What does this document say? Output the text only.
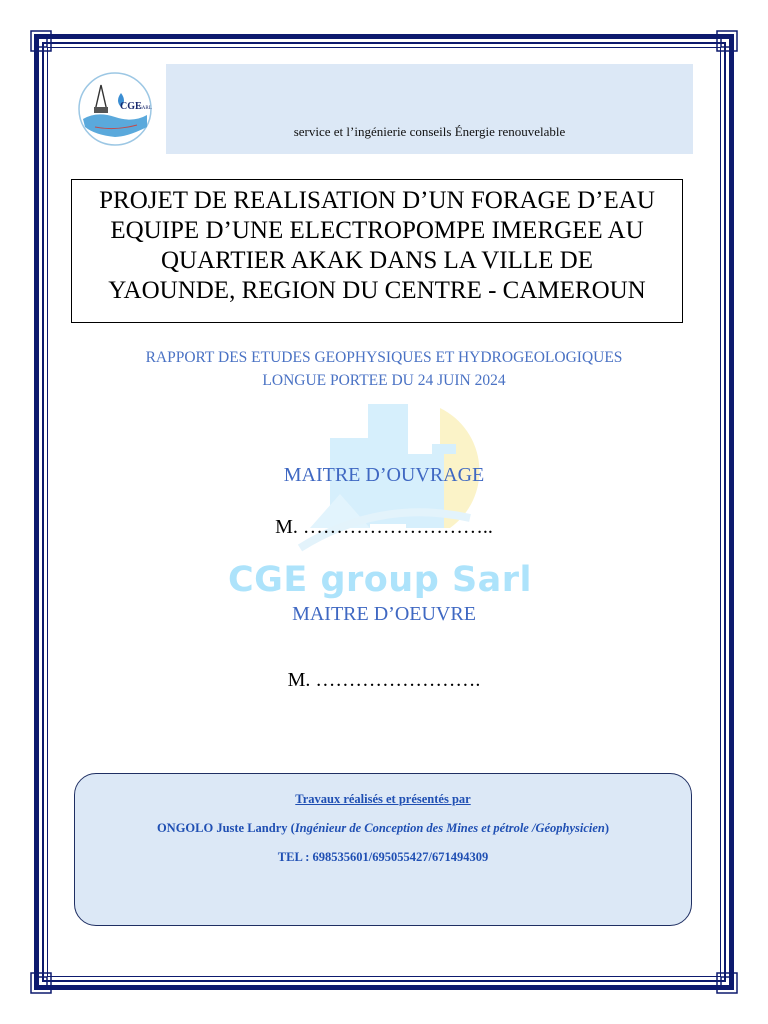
CGE
SARL
service et l’ingénierie conseils Énergie renouvelable
PROJET DE REALISATION D’UN FORAGE D’EAU
EQUIPE D’UNE ELECTROPOMPE IMERGEE AU
QUARTIER AKAK DANS LA VILLE DE
YAOUNDE, REGION DU CENTRE - CAMEROUN
RAPPORT DES ETUDES GEOPHYSIQUES ET HYDROGEOLOGIQUES
LONGUE PORTEE DU 24 JUIN 2024
CGE group Sarl
MAITRE D’OUVRAGE
M. ………………………..
MAITRE D’OEUVRE
M. …………………….
Travaux réalisés et présentés par
ONGOLO Juste Landry (Ingénieur de Conception des Mines et pétrole /Géophysicien)
TEL : 698535601/695055427/671494309
